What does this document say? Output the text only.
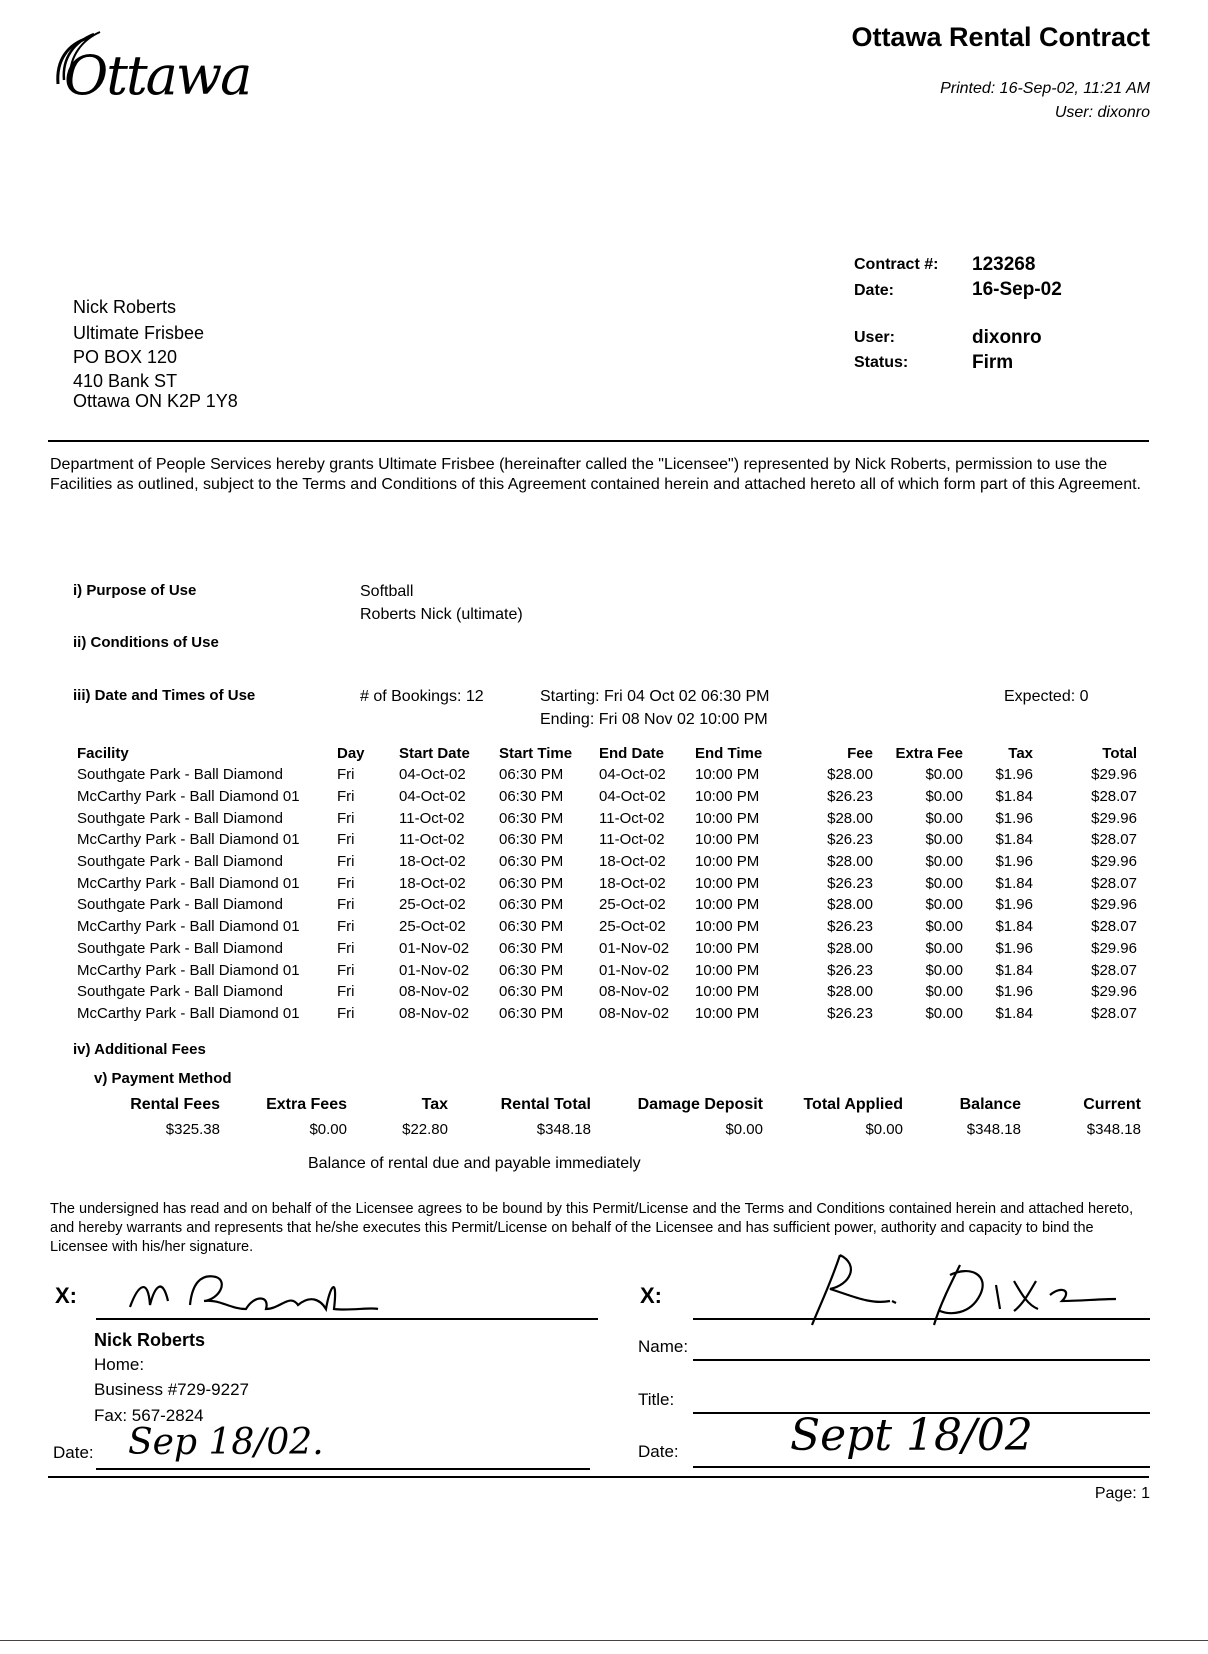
Ottawa
Ottawa Rental Contract
Printed: 16-Sep-02, 11:21 AM
User: dixonro
Contract #: 123268
Date:	16-Sep-02
User:	dixonro
Status:	Firm
Nick Roberts
Ultimate Frisbee
PO BOX 120
410 Bank ST
Ottawa ON K2P 1Y8
Department of People Services hereby grants Ultimate Frisbee (hereinafter called the "Licensee") represented by Nick Roberts, permission to use the Facilities as outlined, subject to the Terms and Conditions of this Agreement contained herein and attached hereto all of which form part of this Agreement.
i) Purpose of Use	Softball
Roberts Nick (ultimate)
ii) Conditions of Use
iii) Date and Times of Use	# of Bookings: 12	Starting: Fri 04 Oct 02 06:30 PM
Ending: Fri 08 Nov 02 10:00 PM
Expected: 0
Facility	Day	Start Date	Start Time	End Date	End Time	Fee	Extra Fee	Tax	Total
Southgate Park - Ball Diamond	Fri	04-Oct-02	06:30 PM	04-Oct-02	10:00 PM	$28.00	$0.00	$1.96	$29.96
McCarthy Park - Ball Diamond 01	Fri	04-Oct-02	06:30 PM	04-Oct-02	10:00 PM	$26.23	$0.00	$1.84	$28.07
Southgate Park - Ball Diamond	Fri	11-Oct-02	06:30 PM	11-Oct-02	10:00 PM	$28.00	$0.00	$1.96	$29.96
McCarthy Park - Ball Diamond 01	Fri	11-Oct-02	06:30 PM	11-Oct-02	10:00 PM	$26.23	$0.00	$1.84	$28.07
Southgate Park - Ball Diamond	Fri	18-Oct-02	06:30 PM	18-Oct-02	10:00 PM	$28.00	$0.00	$1.96	$29.96
McCarthy Park - Ball Diamond 01	Fri	18-Oct-02	06:30 PM	18-Oct-02	10:00 PM	$26.23	$0.00	$1.84	$28.07
Southgate Park - Ball Diamond	Fri	25-Oct-02	06:30 PM	25-Oct-02	10:00 PM	$28.00	$0.00	$1.96	$29.96
McCarthy Park - Ball Diamond 01	Fri	25-Oct-02	06:30 PM	25-Oct-02	10:00 PM	$26.23	$0.00	$1.84	$28.07
Southgate Park - Ball Diamond	Fri	01-Nov-02	06:30 PM	01-Nov-02	10:00 PM	$28.00	$0.00	$1.96	$29.96
McCarthy Park - Ball Diamond 01	Fri	01-Nov-02	06:30 PM	01-Nov-02	10:00 PM	$26.23	$0.00	$1.84	$28.07
Southgate Park - Ball Diamond	Fri	08-Nov-02	06:30 PM	08-Nov-02	10:00 PM	$28.00	$0.00	$1.96	$29.96
McCarthy Park - Ball Diamond 01	Fri	08-Nov-02	06:30 PM	08-Nov-02	10:00 PM	$26.23	$0.00	$1.84	$28.07
iv) Additional Fees
v) Payment Method
Rental Fees	Extra Fees	Tax	Rental Total	Damage Deposit	Total Applied	Balance	Current
$325.38	$0.00	$22.80	$348.18	$0.00	$0.00	$348.18	$348.18
Balance of rental due and payable immediately
The undersigned has read and on behalf of the Licensee agrees to be bound by this Permit/License and the Terms and Conditions contained herein and attached hereto, and hereby warrants and represents that he/she executes this Permit/License on behalf of the Licensee and has sufficient power, authority and capacity to bind the Licensee with his/her signature.
X:
N Robert
Nick Roberts
Home:
Business #729-9227
Fax: 567-2824
Date: Sep 18/02.
X:
R. Dixon
Name:
Title:
Date:	Sept 18/02
Page: 1
